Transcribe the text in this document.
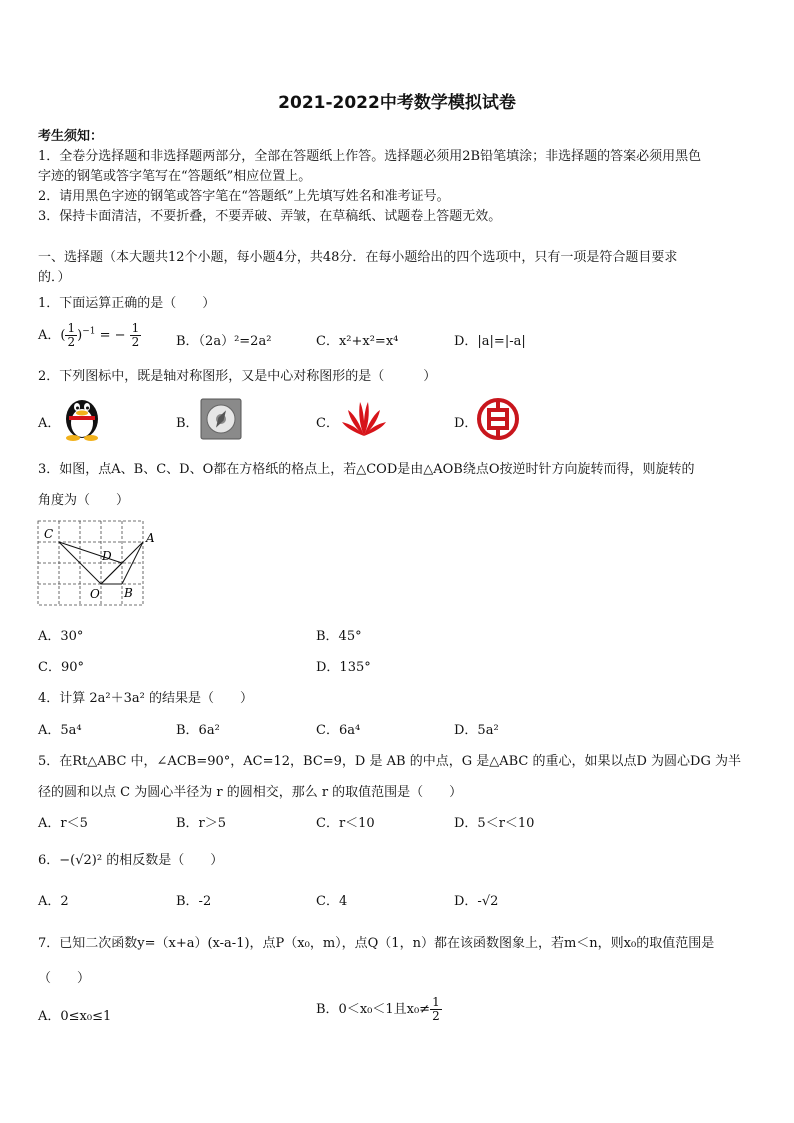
2021-2022中考数学模拟试卷
考生须知：
1．全卷分选择题和非选择题两部分，全部在答题纸上作答。选择题必须用2B铅笔填涂；非选择题的答案必须用黑色
字迹的钢笔或答字笔写在“答题纸”相应位置上。
2．请用黑色字迹的钢笔或答字笔在“答题纸”上先填写姓名和准考证号。
3．保持卡面清洁，不要折叠，不要弄破、弄皱，在草稿纸、试题卷上答题无效。
一、选择题（本大题共12个小题，每小题4分，共48分．在每小题给出的四个选项中，只有一项是符合题目要求
的．）
1．下面运算正确的是（　　）
A．( $\frac{1}{2} )^{-1}$ = − $\frac{1}{2}$	B．（2a）²=2a²	C．x²+x²=x⁴	D．|a|=|-a|
2．下列图标中，既是轴对称图形，又是中心对称图形的是（　　　）
A．	B．	C．	D．
3．如图，点A、B、C、D、O都在方格纸的格点上，若△COD是由△AOB绕点O按逆时针方向旋转而得，则旋转的
角度为（　　）
C	A
D
O B
A．30°	B．45°
C．90°	D．135°
4．计算 2a²＋3a² 的结果是（　　）
A．5a⁴	B．6a²	C．6a⁴	D．5a²
5．在Rt△ABC 中，∠ACB=90°，AC=12，BC=9，D 是 AB 的中点，G 是△ABC 的重心，如果以点D 为圆心DG 为半
径的圆和以点 C 为圆心半径为 r 的圆相交，那么 r 的取值范围是（　　）
A．r＜5	B．r＞5	C．r＜10	D．5＜r＜10
6．−(√2)² 的相反数是（　　）
A．2	B．-2	C．4	D．-√2
7．已知二次函数y=（x+a）(x-a-1)，点P（x₀，m），点Q（1，n）都在该函数图象上，若m＜n，则x₀的取值范围是
（　　）
A．0≤x₀≤1	B．0＜x₀＜1且$x_0\ne \frac{1}{2}$
